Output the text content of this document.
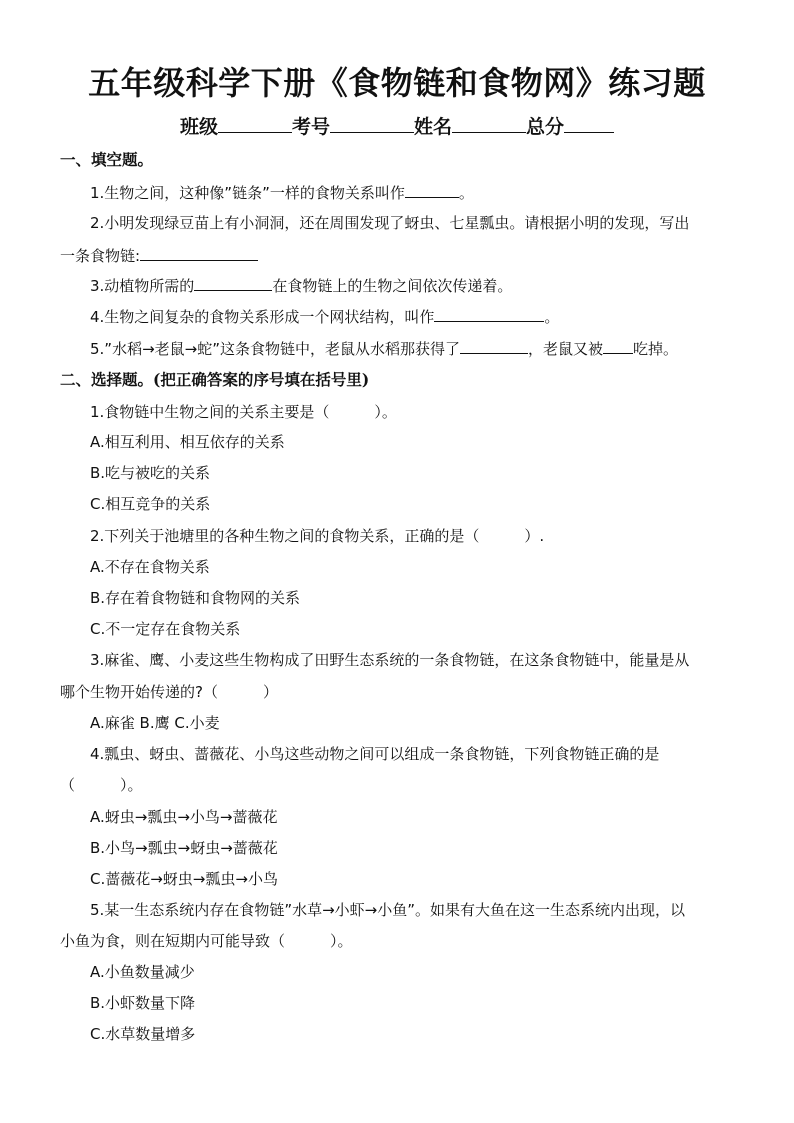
五年级科学下册《食物链和食物网》练习题
班级	考号	姓名	总分
一、填空题。
1.生物之间，这种像”链条”一样的食物关系叫作	。
2.小明发现绿豆苗上有小洞洞，还在周围发现了蚜虫、七星瓢虫。请根据小明的发现，写出
一条食物链:
3.动植物所需的	在食物链上的生物之间依次传递着。
4.生物之间复杂的食物关系形成一个网状结构，叫作	。
5.”水稻→老鼠→蛇”这条食物链中，老鼠从水稻那获得了	，老鼠又被 吃掉。
二、选择题。(把正确答案的序号填在括号里)
1.食物链中生物之间的关系主要是（　　　）。
A.相互利用、相互依存的关系
B.吃与被吃的关系
C.相互竞争的关系
2.下列关于池塘里的各种生物之间的食物关系，正确的是（　　　）.
A.不存在食物关系
B.存在着食物链和食物网的关系
C.不一定存在食物关系
3.麻雀、鹰、小麦这些生物构成了田野生态系统的一条食物链，在这条食物链中，能量是从
哪个生物开始传递的?（　　　）
A.麻雀 B.鹰 C.小麦
4.瓢虫、蚜虫、蔷薇花、小鸟这些动物之间可以组成一条食物链，下列食物链正确的是
（　　　）。
A.蚜虫→瓢虫→小鸟→蔷薇花
B.小鸟→瓢虫→蚜虫→蔷薇花
C.蔷薇花→蚜虫→瓢虫→小鸟
5.某一生态系统内存在食物链”水草→小虾→小鱼”。如果有大鱼在这一生态系统内出现，以
小鱼为食，则在短期内可能导致（　　　）。
A.小鱼数量减少
B.小虾数量下降
C.水草数量增多
